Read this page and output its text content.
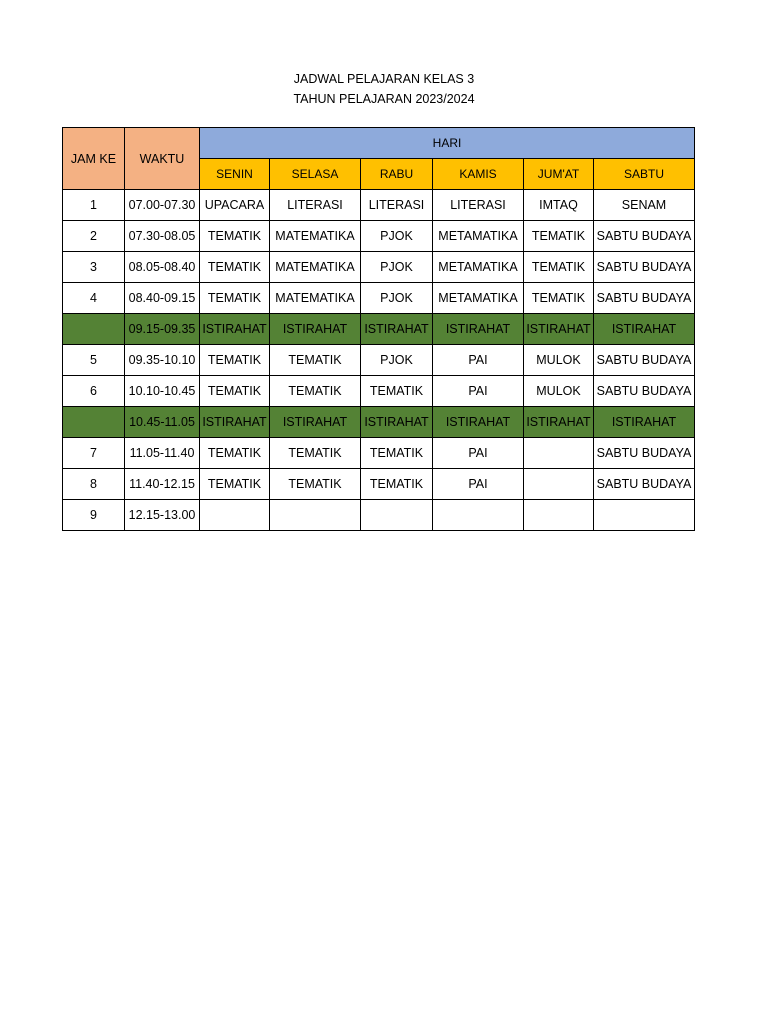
JADWAL PELAJARAN KELAS 3
TAHUN PELAJARAN 2023/2024
JAM KE	WAKTU	HARI					
		SENIN	SELASA	RABU	KAMIS	JUM'AT	SABTU
1	07.00-07.30	UPACARA	LITERASI	LITERASI	LITERASI	IMTAQ	SENAM
2	07.30-08.05	TEMATIK	MATEMATIKA	PJOK	METAMATIKA	TEMATIK	SABTU BUDAYA
3	08.05-08.40	TEMATIK	MATEMATIKA	PJOK	METAMATIKA	TEMATIK	SABTU BUDAYA
4	08.40-09.15	TEMATIK	MATEMATIKA	PJOK	METAMATIKA	TEMATIK	SABTU BUDAYA
	09.15-09.35	ISTIRAHAT	ISTIRAHAT	ISTIRAHAT	ISTIRAHAT	ISTIRAHAT	ISTIRAHAT
5	09.35-10.10	TEMATIK	TEMATIK	PJOK	PAI	MULOK	SABTU BUDAYA
6	10.10-10.45	TEMATIK	TEMATIK	TEMATIK	PAI	MULOK	SABTU BUDAYA
	10.45-11.05	ISTIRAHAT	ISTIRAHAT	ISTIRAHAT	ISTIRAHAT	ISTIRAHAT	ISTIRAHAT
7	11.05-11.40	TEMATIK	TEMATIK	TEMATIK	PAI		SABTU BUDAYA
8	11.40-12.15	TEMATIK	TEMATIK	TEMATIK	PAI		SABTU BUDAYA
9	12.15-13.00						
